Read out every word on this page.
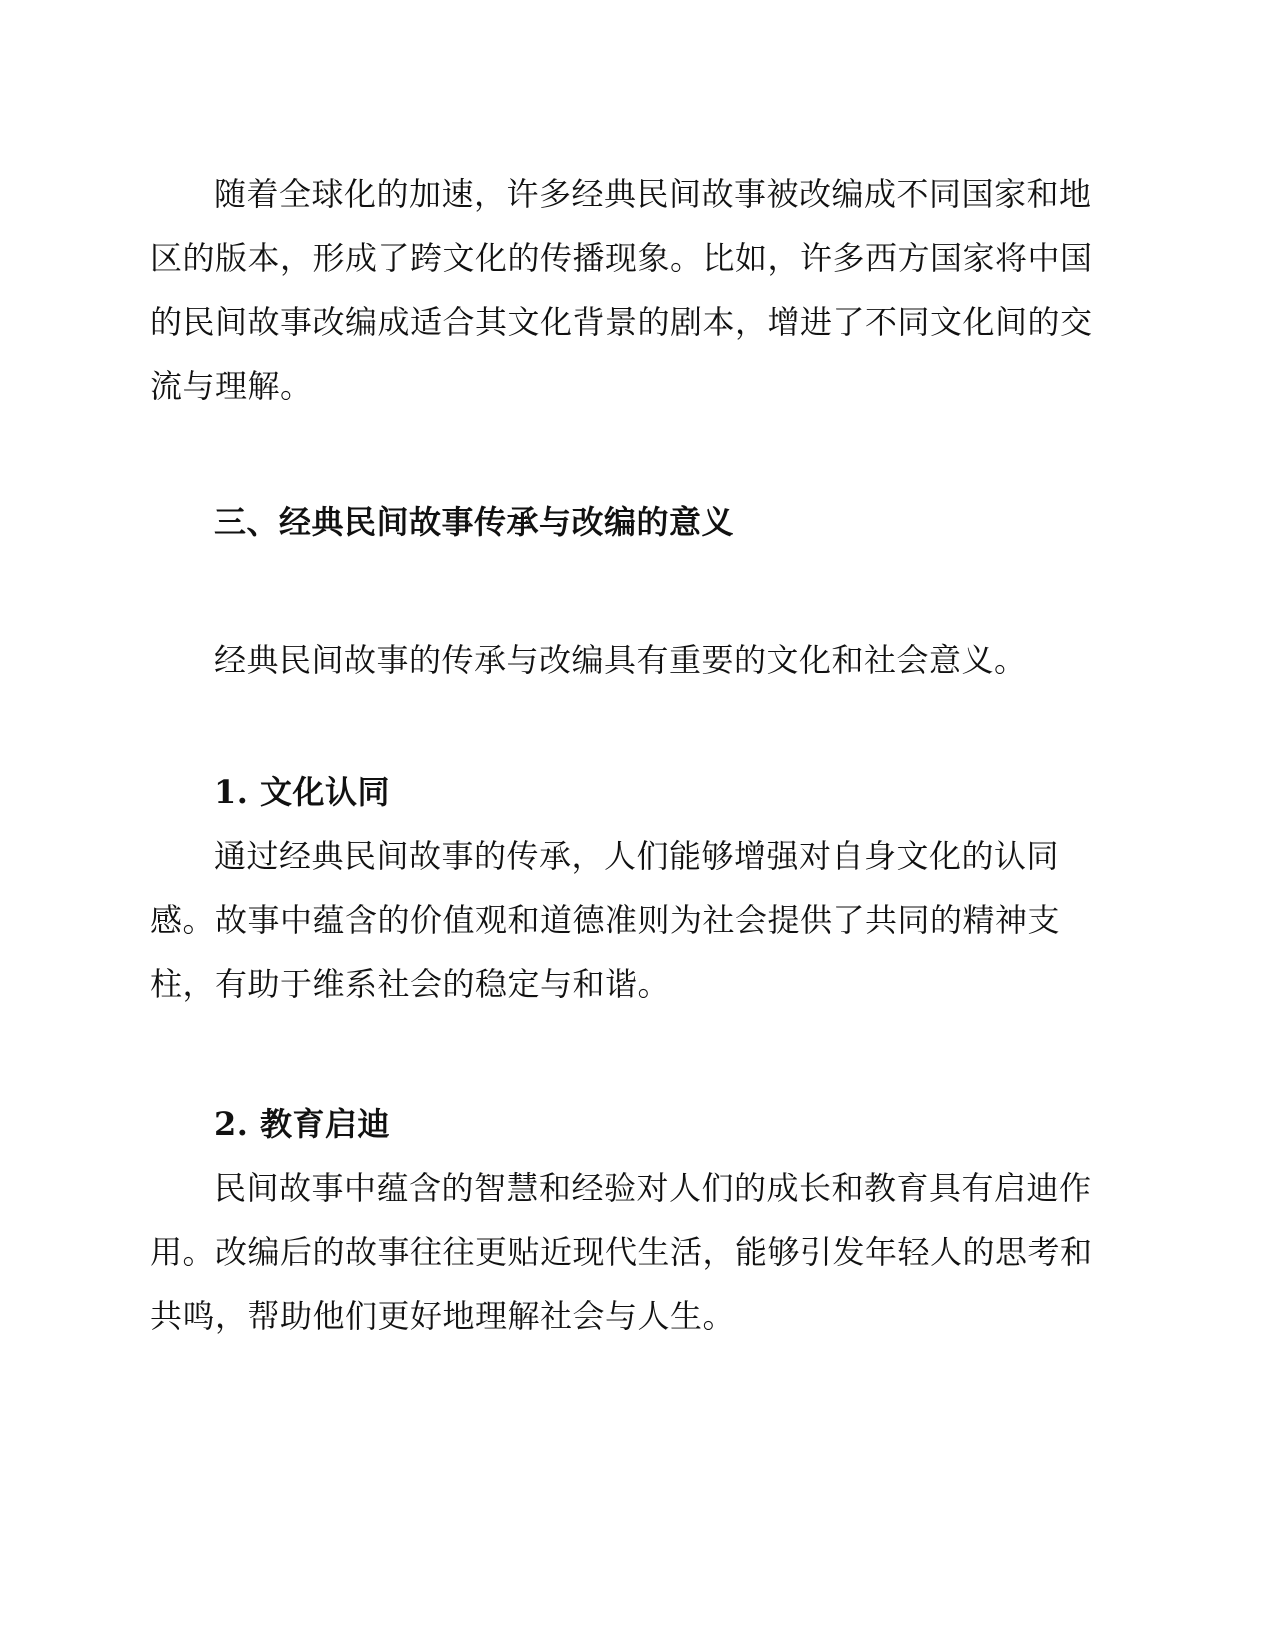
随着全球化的加速，许多经典民间故事被改编成不同国家和地区的版本，形成了跨文化的传播现象。比如，许多西方国家将中国的民间故事改编成适合其文化背景的剧本，增进了不同文化间的交流与理解。

三、经典民间故事传承与改编的意义

经典民间故事的传承与改编具有重要的文化和社会意义。

1. 文化认同

通过经典民间故事的传承，人们能够增强对自身文化的认同感。故事中蕴含的价值观和道德准则为社会提供了共同的精神支柱，有助于维系社会的稳定与和谐。

2. 教育启迪

民间故事中蕴含的智慧和经验对人们的成长和教育具有启迪作用。改编后的故事往往更贴近现代生活，能够引发年轻人的思考和共鸣，帮助他们更好地理解社会与人生。
